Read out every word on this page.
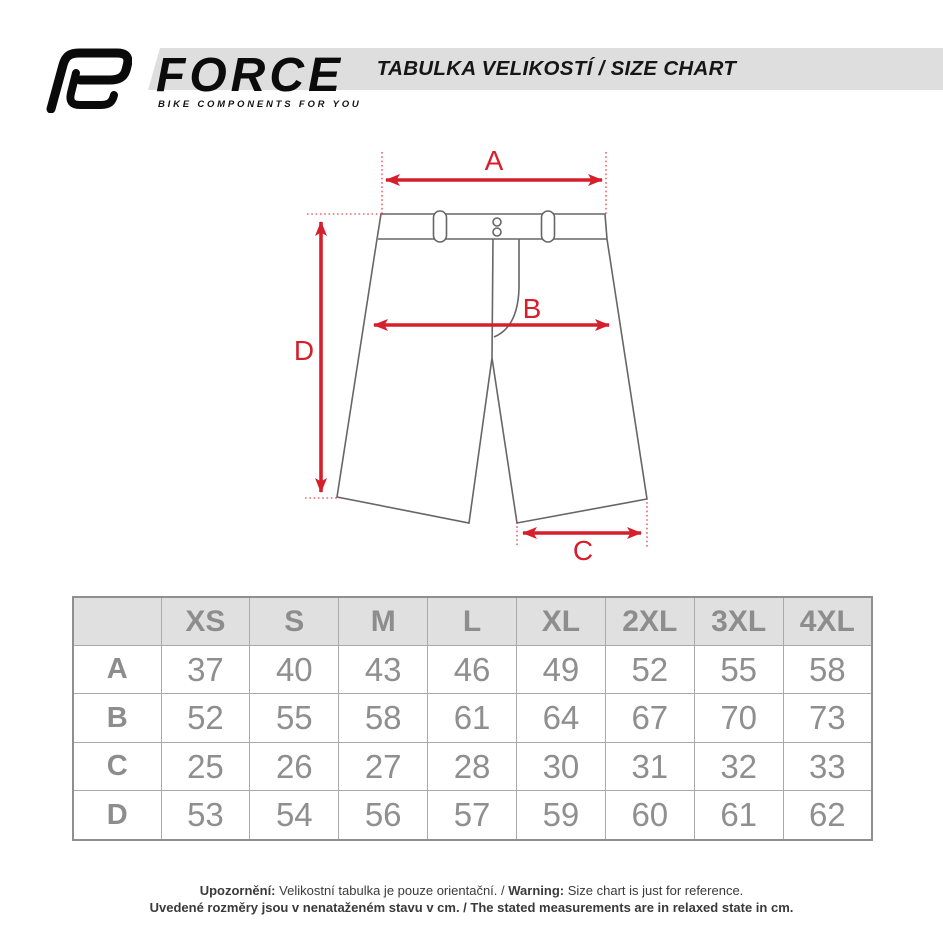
FORCE
BIKE COMPONENTS FOR YOU
TABULKA VELIKOSTÍ / SIZE CHART
A
D
B
C
	XS	S	M	L	XL	2XL	3XL	4XL
A	37	40	43	46	49	52	55	58
B	52	55	58	61	64	67	70	73
C	25	26	27	28	30	31	32	33
D	53	54	56	57	59	60	61	62
Upozornění: Velikostní tabulka je pouze orientační. / Warning: Size chart is just for reference.
Uvedené rozměry jsou v nenataženém stavu v cm. / The stated measurements are in relaxed state in cm.
